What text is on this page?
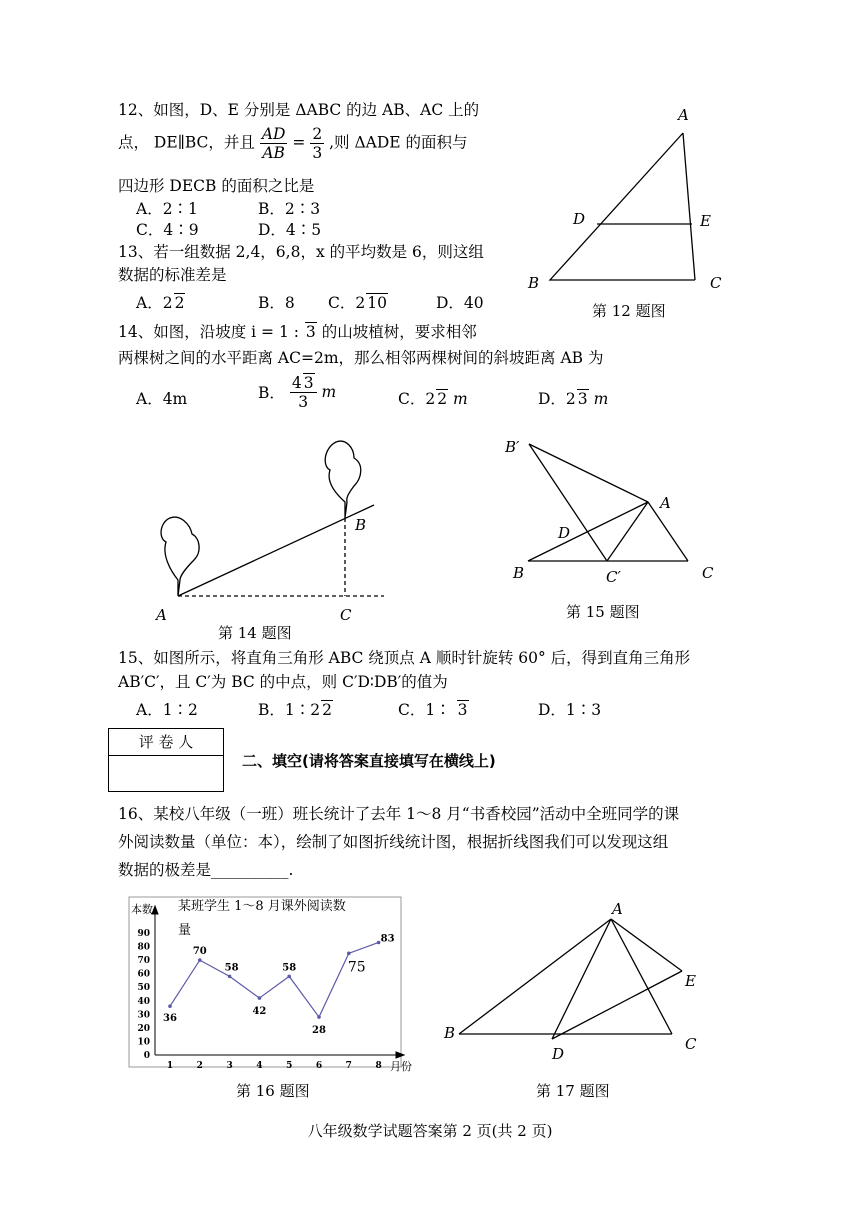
12、如图，D、E 分别是 ΔABC 的边 AB、AC 上的
点， DE∥BC，并且 $\frac{AD}{AB} = \frac{2}{3}$ ,则 ΔADE 的面积与
四边形 DECB 的面积之比是
A．2∶1	B．2∶3
C．4∶9	D．4∶5
A
B	C
D	E
第 12 题图
13、若一组数据 2,4，6,8，x 的平均数是 6，则这组
数据的标准差是
A．2 2	B．8 C．2 10	D．40
14、如图，沿坡度 i = 1 : 3 的山坡植树，要求相邻
两棵树之间的水平距离 AC=2m，那么相邻两棵树间的斜坡距离 AB 为
A．4m	B． $\frac{4 3}{3}$ m	C．2 2 m	D．2 3 m
A
B
C
第 14 题图
B′
A
D
B	C′	C
第 15 题图
15、如图所示，将直角三角形 ABC 绕顶点 A 顺时针旋转 60° 后，得到直角三角形
AB′C′，且 C′为 BC 的中点，则 C′D∶DB′的值为
A．1∶2	B．1∶2 2	C．1∶ 3	D．1∶3
评 卷 人
二、填空(请将答案直接填写在横线上)
16、某校八年级（一班）班长统计了去年 1～8 月“书香校园”活动中全班同学的课
外阅读数量（单位：本），绘制了如图折线统计图，根据折线图我们可以发现这组
数据的极差是__________.
某班学生 1～8 月课外阅读数
本数
月份
0
10
20
30
40
50
60
70
80
90
1	2	3	4	5	6	7	8
36
70
58
42
58
28
75
83
量
第 16 题图
A
E
B
C
D
第 17 题图
八年级数学试题答案第 2 页(共 2 页)
